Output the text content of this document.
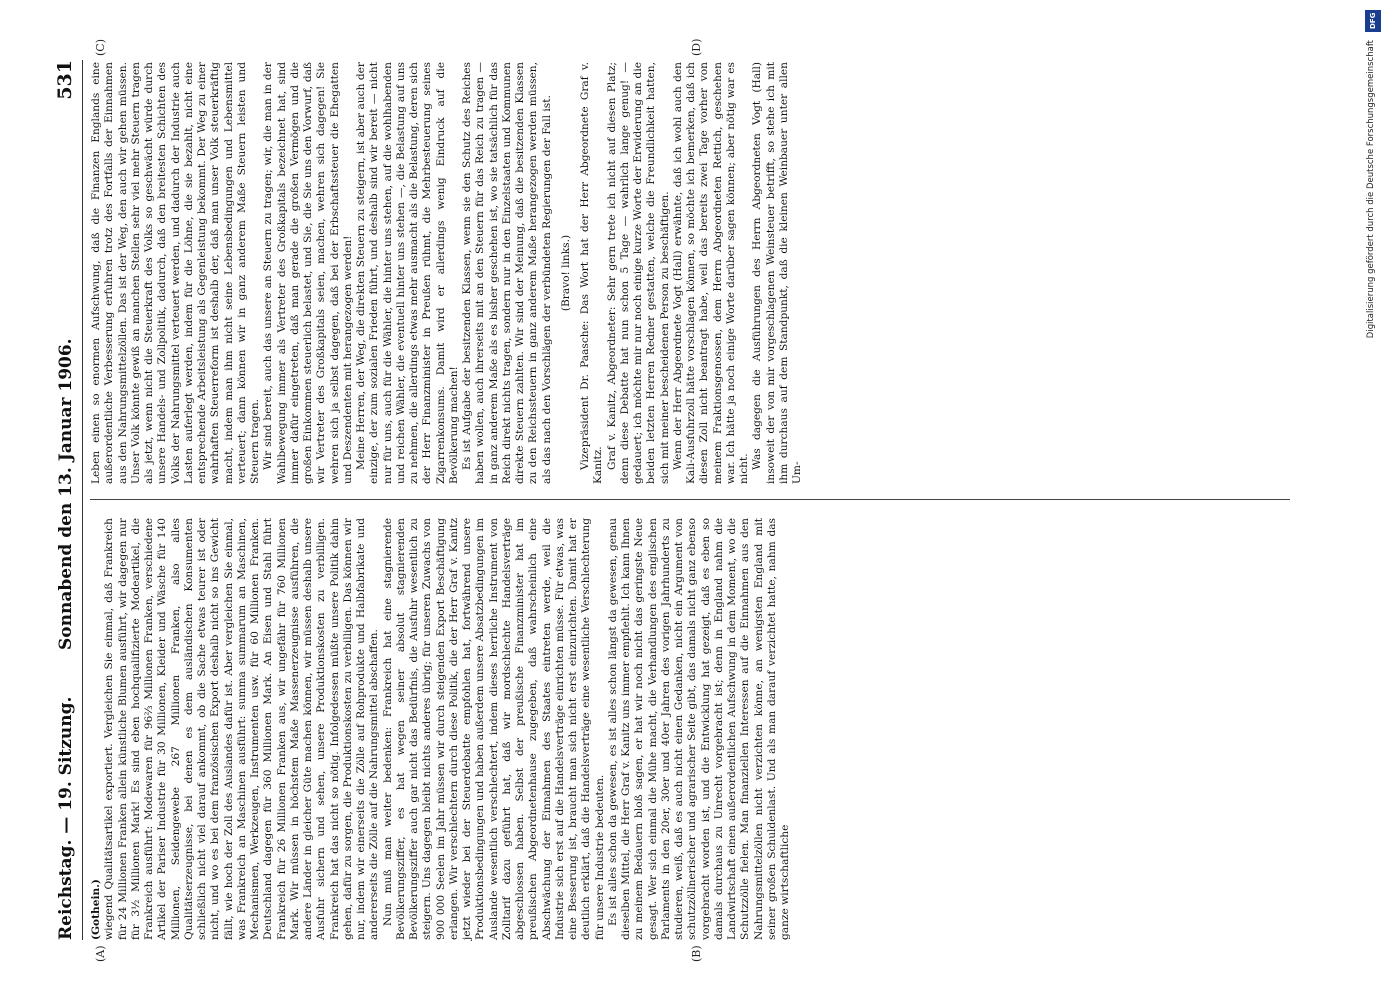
Reichstag. — 19. Sitzung.
Sonnabend den 13. Januar 1906.
531

(Gothein.) wiegend Qualitätsartikel exportiert. Vergleichen Sie einmal, daß Frankreich für 24 Millionen Franken allein künstliche Blumen ausführt, wir dagegen nur für 3½ Millionen Mark! Es sind eben hochqualifizierte Modeartikel, die Frankreich ausführt: Modewaren für 96⅔ Millionen Franken, verschiedene Artikel der Pariser Industrie für 30 Millionen, Kleider und Wäsche für 140 Millionen, Seidengewebe 267 Millionen Franken, also alles Qualitätserzeugnisse, bei denen es dem ausländischen Konsumenten schließlich nicht viel darauf ankommt, ob die Sache etwas teurer ist oder nicht, und wo es bei dem französischen Export deshalb nicht so ins Gewicht fällt, wie hoch der Zoll des Auslandes dafür ist. Aber vergleichen Sie einmal, was Frankreich an Maschinen ausführt: summa summarum an Maschinen, Mechanismen, Werkzeugen, Instrumenten usw. für 60 Millionen Franken. Deutschland dagegen für 360 Millionen Mark. An Eisen und Stahl führt Frankreich für 26 Millionen Franken aus, wir ungefähr für 760 Millionen Mark. Wir müssen in höchstem Maße Massenerzeugnisse ausführen, die andere Länder in gleicher Güte machen können, wir müssen deshalb unsere Ausfuhr sichern und sehen, unsere Produktionskosten zu verbilligen. Frankreich hat das nicht so nötig. Infolgedessen müßte unsere Politik dahin gehen, dafür zu sorgen, die Produktionskosten zu verbilligen. Das können wir nur, indem wir einerseits die Zölle auf Rohprodukte und Halbfabrikate und andererseits die Zölle auf die Nahrungsmittel abschaffen. Nun muß man weiter bedenken: Frankreich hat eine stagnierende Bevölkerungsziffer, es hat wegen seiner absolut stagnierenden Bevölkerungsziffer auch gar nicht das Bedürfnis, die Ausfuhr wesentlich zu steigern. Uns dagegen bleibt nichts anderes übrig; für unseren Zuwachs von 900 000 Seelen im Jahr müssen wir durch steigenden Export Beschäftigung erlangen. Wir verschlechtern durch diese Politik, die der Herr Graf v. Kanitz jetzt wieder bei der Steuerdebatte empfohlen hat, fortwährend unsere Produktionsbedingungen und haben außerdem unsere Absatzbedingungen im Auslande wesentlich verschlechtert, indem dieses herrliche Instrument von Zolltarif dazu geführt hat, daß wir mordschlechte Handelsverträge abgeschlossen haben. Selbst der preußische Finanzminister hat im preußischen Abgeordnetenhause zugegeben, daß wahrscheinlich eine Abschwächung der Einnahmen des Staates eintreten werde, weil die Industrie sich erst auf die Handelsverträge einrichten müsse. Für etwas, was eine Besserung ist, braucht man sich nicht erst einzurichten. Damit hat er deutlich erklärt, daß die Handelsverträge eine wesentliche Verschlechterung für unsere Industrie bedeuten. Es ist alles schon da gewesen, es ist alles schon längst da gewesen, genau dieselben Mittel, die Herr Graf v. Kanitz uns immer empfiehlt. Ich kann Ihnen zu meinem Bedauern bloß sagen, er hat wir noch nicht das geringste Neue gesagt. Wer sich einmal die Mühe macht, die Verhandlungen des englischen Parlaments in den 20er, 30er und 40er Jahren des vorigen Jahrhunderts zu studieren, weiß, daß es auch nicht einen Gedanken, nicht ein Argument von schutzzöllnerischer und agrarischer Seite gibt, das damals nicht ganz ebenso vorgebracht worden ist, und die Entwicklung hat gezeigt, daß es eben so damals durchaus zu Unrecht vorgebracht ist; denn in England nahm die Landwirtschaft einen außerordentlichen Aufschwung in dem Moment, wo die Schutzzölle fielen. Man finanziellen Interessen auf die Einnahmen aus den Nahrungsmittelzöllen nicht verzichten könne, an wenigsten England mit seiner großen Schuldenlast. Und als man darauf verzichtet hatte, nahm das ganze wirtschaftliche

Leben einen so enormen Aufschwung, daß die Finanzen Englands eine außerordentliche Verbesserung erfuhren trotz des Fortfalls der Einnahmen aus den Nahrungsmittelzöllen. Das ist der Weg, den auch wir gehen müssen. Unser Volk könnte gewiß an manchen Stellen sehr viel mehr Steuern tragen als jetzt, wenn nicht die Steuerkraft des Volks so geschwächt würde durch unsere Handels- und Zollpolitik, dadurch, daß den breitesten Schichten des Volks der Nahrungsmittel verteuert werden, und dadurch der Industrie auch Lasten auferlegt werden, indem für die Löhne, die sie bezahlt, nicht eine entsprechende Arbeitsleistung als Gegenleistung bekommt. Der Weg zu einer wahrhaften Steuerreform ist deshalb der, daß man unser Volk steuerkräftig macht, indem man ihm nicht seine Lebensbedingungen und Lebensmittel verteuert; dann können wir in ganz anderem Maße Steuern leisten und Steuern tragen. Wir sind bereit, auch das unsere an Steuern zu tragen; wir, die man in der Wahlbewegung immer als Vertreter des Großkapitals bezeichnet hat, sind immer dafür eingetreten, daß man gerade die großen Vermögen und die großen Einkommen steuerlich belastet, und Sie, die Sie uns den Vorwurf, daß wir Vertreter des Großkapitals seien, machen, wehren sich dagegen! Sie wehren sich ja selbst dagegen, daß bei der Erbschaftssteuer die Ehegatten und Deszendenten mit herangezogen werden! Meine Herren, der Weg, die direkten Steuern zu steigern, ist aber auch der einzige, der zum sozialen Frieden führt, und deshalb sind wir bereit — nicht nur für uns, auch für die Wähler, die hinter uns stehen, auf die wohlhabenden und reichen Wähler, die eventuell hinter uns stehen —, die Belastung auf uns zu nehmen, die allerdings etwas mehr ausmacht als die Belastung, deren sich der Herr Finanzminister in Preußen rühmt, die Mehrbesteuerung seines Zigarrenkonsums. Damit wird er allerdings wenig Eindruck auf die Bevölkerung machen! Es ist Aufgabe der besitzenden Klassen, wenn sie den Schutz des Reiches haben wollen, auch ihrerseits mit an den Steuern für das Reich zu tragen — in ganz anderem Maße als es bisher geschehen ist, wo sie tatsächlich für das Reich direkt nichts tragen, sondern nur in den Einzelstaaten und Kommunen direkte Steuern zahlten. Wir sind der Meinung, daß die besitzenden Klassen zu den Reichssteuern in ganz anderem Maße herangezogen werden müssen, als das nach den Vorschlägen der verbündeten Regierungen der Fall ist. (Bravo! links.) Vizepräsident Dr. Paasche: Das Wort hat der Herr Abgeordnete Graf v. Kanitz. Graf v. Kanitz, Abgeordneter: Sehr gern trete ich nicht auf diesen Platz; denn diese Debatte hat nun schon 5 Tage — wahrlich lange genug! — gedauert; ich möchte mir nur noch einige kurze Worte der Erwiderung an die beiden letzten Herren Redner gestatten, welche die Freundlichkeit hatten, sich mit meiner bescheidenen Person zu beschäftigen. Wenn der Herr Abgeordnete Vogt (Hall) erwähnte, daß ich wohl auch den Kali-Ausfuhrzoll hätte vorschlagen können, so möchte ich bemerken, daß ich diesen Zoll nicht beantragt habe, weil das bereits zwei Tage vorher von meinem Fraktionsgenossen, dem Herrn Abgeordneten Rettich, geschehen war. Ich hätte ja noch einige Worte darüber sagen können; aber nötig war es nicht. Was dagegen die Ausführungen des Herrn Abgeordneten Vogt (Hall) insoweit der von mir vorgeschlagenen Weinsteuer betrifft, so stehe ich mit ihm durchaus auf dem Standpunkt, daß die kleinen Weinbauer unter allen Um-

(A)	(B)
(C)	(D)
DFG
Digitalisierung gefördert durch die Deutsche Forschungsgemeinschaft
